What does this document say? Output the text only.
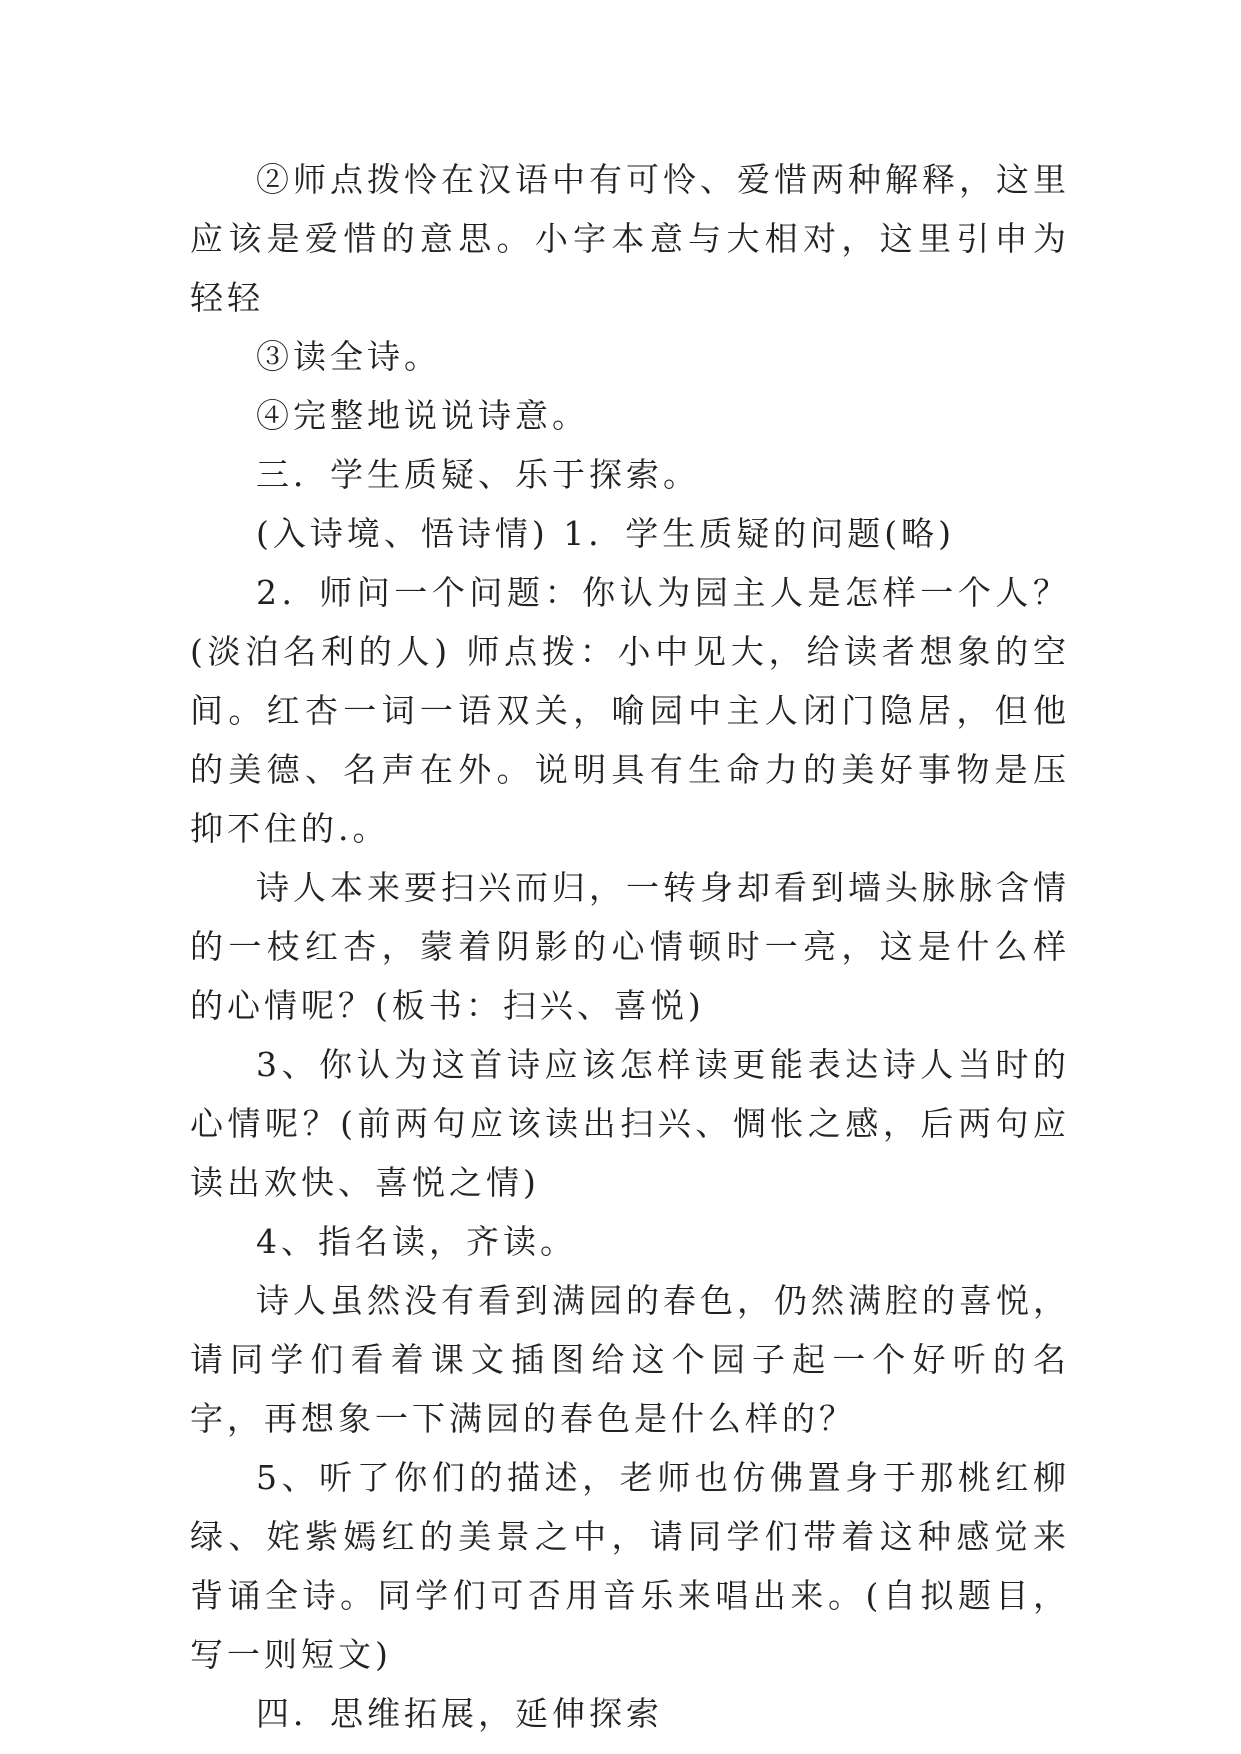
②师点拨怜在汉语中有可怜、爱惜两种解释，这里应该是爱惜的意思。小字本意与大相对，这里引申为轻轻

③读全诗。

④完整地说说诗意。

三．学生质疑、乐于探索。

(入诗境、悟诗情) 1．学生质疑的问题(略)

2．师问一个问题：你认为园主人是怎样一个人？(淡泊名利的人) 师点拨：小中见大，给读者想象的空间。红杏一词一语双关，喻园中主人闭门隐居，但他的美德、名声在外。说明具有生命力的美好事物是压抑不住的.。

诗人本来要扫兴而归，一转身却看到墙头脉脉含情的一枝红杏，蒙着阴影的心情顿时一亮，这是什么样的心情呢？(板书：扫兴、喜悦)

3、你认为这首诗应该怎样读更能表达诗人当时的心情呢？(前两句应该读出扫兴、惆怅之感，后两句应读出欢快、喜悦之情)

4、指名读，齐读。

诗人虽然没有看到满园的春色，仍然满腔的喜悦，请同学们看着课文插图给这个园子起一个好听的名字，再想象一下满园的春色是什么样的？

5、听了你们的描述，老师也仿佛置身于那桃红柳绿、姹紫嫣红的美景之中，请同学们带着这种感觉来背诵全诗。同学们可否用音乐来唱出来。(自拟题目，写一则短文)

四．思维拓展，延伸探索
